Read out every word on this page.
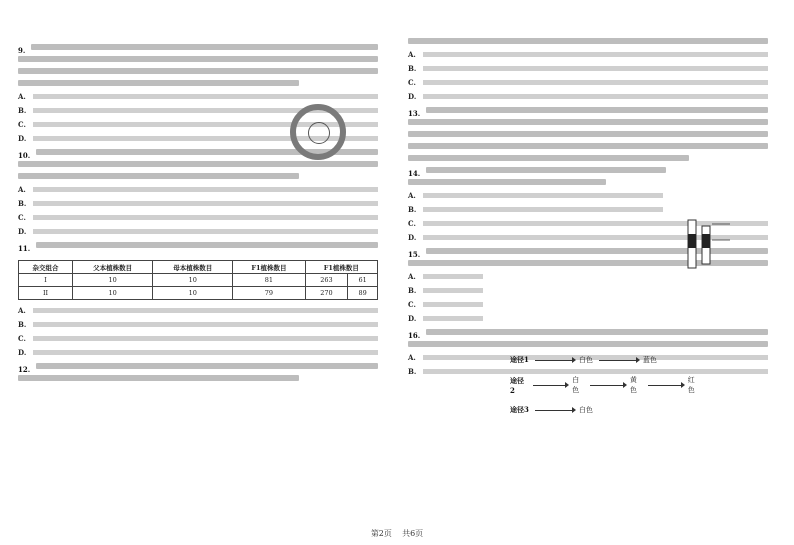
9.
A.
B.
C.
D.
10.
A.
B.
C.
D.
11.
杂交组合	父本植株数目	母本植株数目	F1植株数目	F1植株数目	
I	10	10	81	263	61
II	10	10	79	270	89
A.
B.
C.
D.
12.
A.
B.
C.
D.
13.
14.
A.
B.
C.
D.
15.
A.
B.
C.
D.
16.
A.
B.
途径1	白色	蓝色
途径2
白色
黄色
红色
途径3	白色
第2页 共6页
